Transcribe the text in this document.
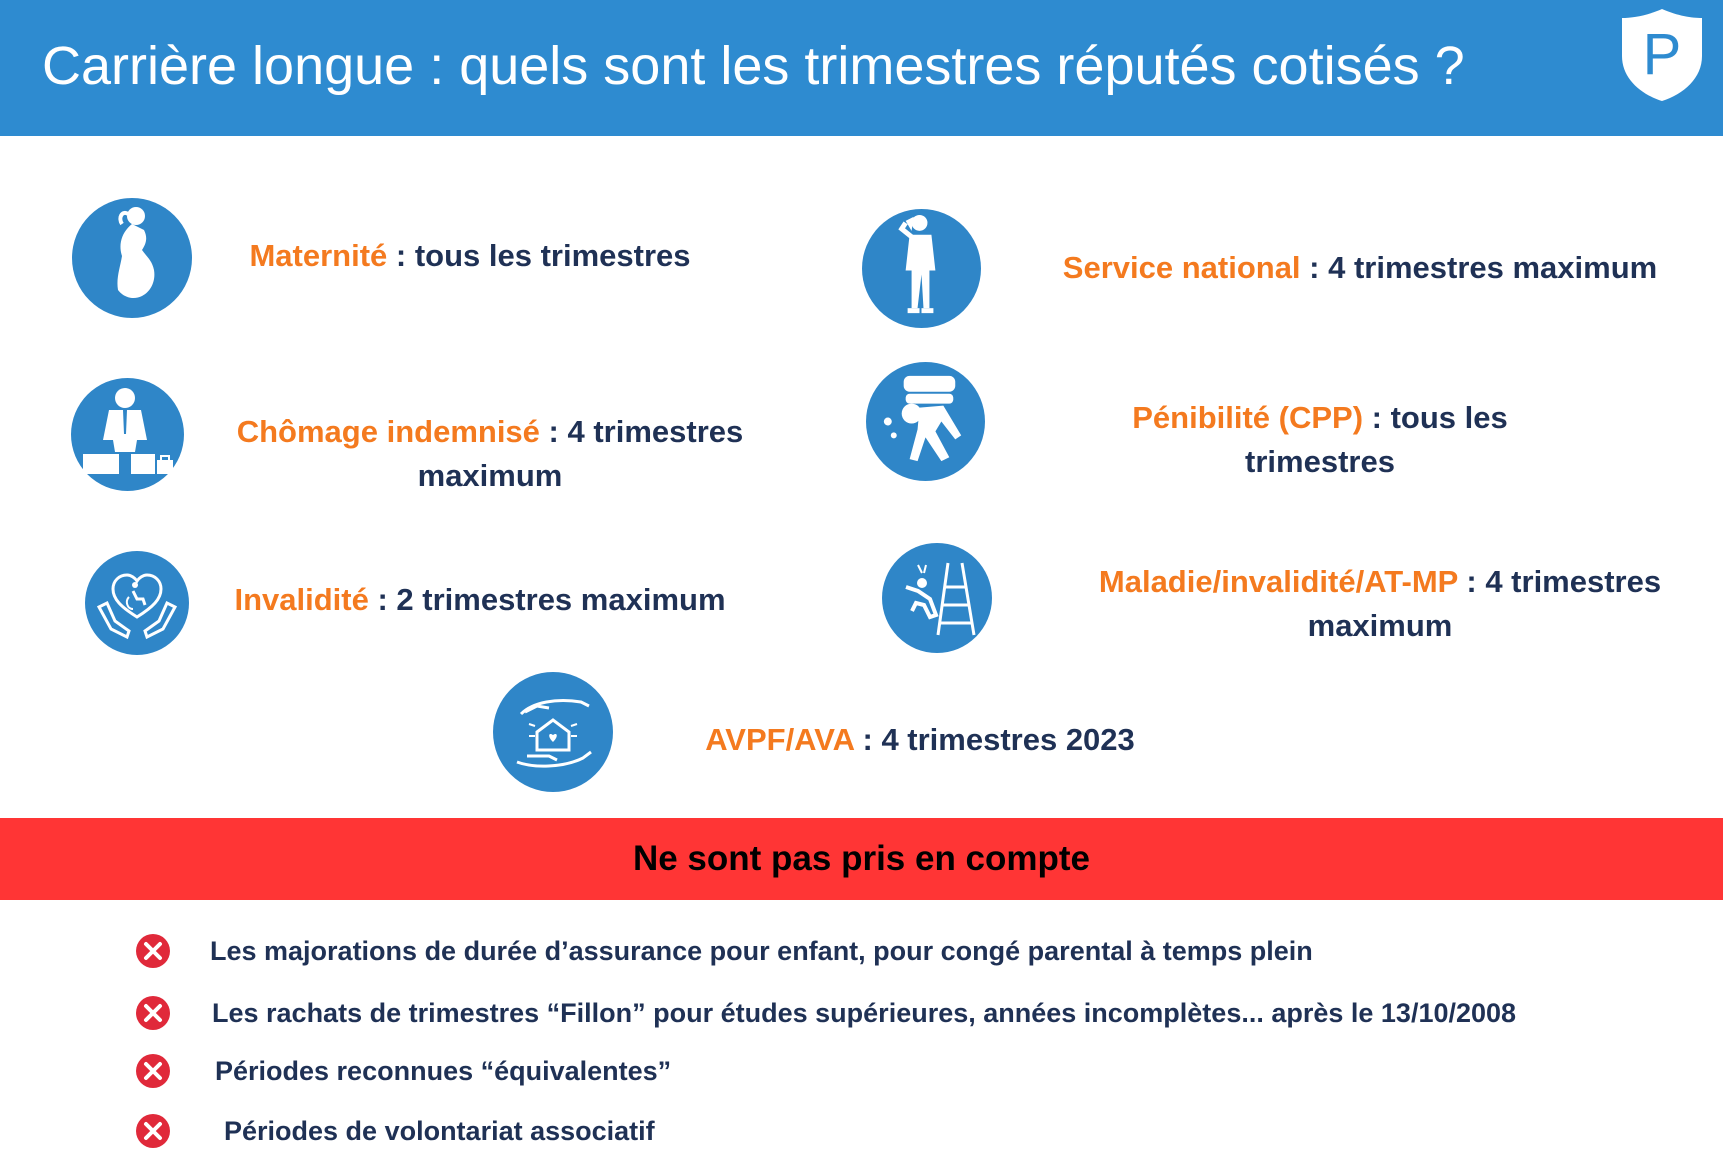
Carrière longue : quels sont les trimestres réputés cotisés ?	P
Maternité : tous les trimestres	Service national : 4 trimestres maximum
Chômage indemnisé : 4 trimestres maximum
Pénibilité (CPP) : tous les trimestres
Invalidité : 2 trimestres maximum
Maladie/invalidité/AT-MP : 4 trimestres maximum
AVPF/AVA : 4 trimestres 2023
Ne sont pas pris en compte
Les majorations de durée d’assurance pour enfant, pour congé parental à temps plein
Les rachats de trimestres “Fillon” pour études supérieures, années incomplètes... après le 13/10/2008
Périodes reconnues “équivalentes”
Périodes de volontariat associatif
